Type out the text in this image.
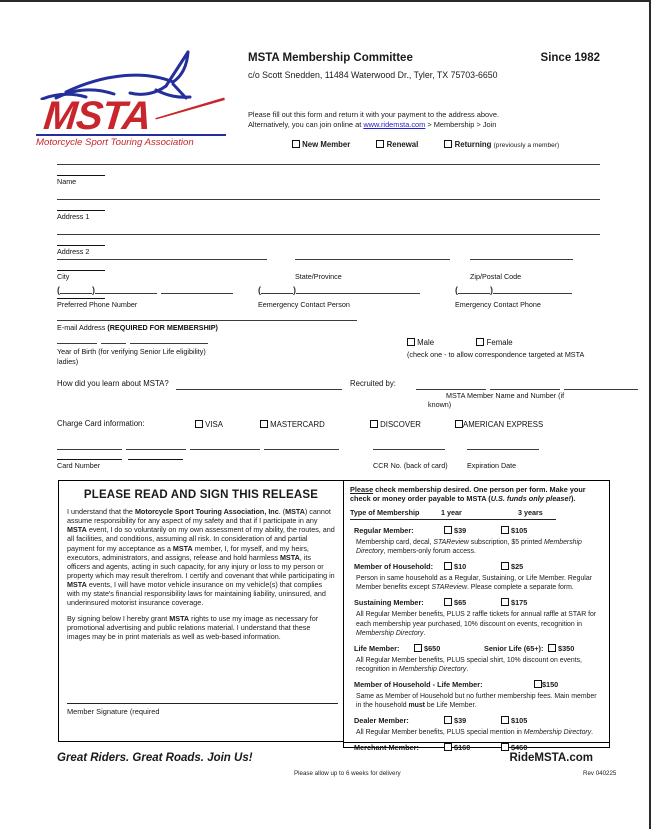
MSTA
Motorcycle Sport Touring Association
MSTA Membership Committee	Since 1982
c/o Scott Snedden, 11484 Waterwood Dr., Tyler, TX 75703-6650
Please fill out this form and return it with your payment to the address above.
Alternatively, you can join online at www.ridemsta.com > Membership > Join
New Member	Renewal	Returning (previously a member)
Name
Address 1
Address 2
City	State/Province	Zip/Postal Code
(	)	(	)	(	)
Preferred Phone Number	Eemergency Contact Person	Emergency Contact Phone
E-mail Address (REQUIRED FOR MEMBERSHIP)
Year of Birth (for verifying Senior Life eligibility)
ladies)
Male	Female
(check one - to allow correspondence targeted at MSTA
How did you learn about MSTA?	Recruited by:
MSTA Member Name and Number (if
known)
Charge Card information:	VISA	MASTERCARD	DISCOVER	AMERICAN EXPRESS
Card Number	CCR No. (back of card)	Expiration Date
PLEASE READ AND SIGN THIS RELEASE

I understand that the Motorcycle Sport Touring Association, Inc. (MSTA) cannot assume responsibility for any aspect of my safety and that if I participate in any MSTA event, I do so voluntarily on my own assessment of my ability, the routes, and all facilities, and conditions, assuming all risk. In consideration of and partial payment for my acceptance as a MSTA member, I, for myself, and my heirs, executors, administrators, and assigns, release and hold harmless MSTA, its officers and agents, acting in such capacity, for any injury or loss to my person or property which may result therefrom. I certify and covenant that while participating in MSTA events, I will have motor vehicle insurance on my vehicle(s) that complies with my state's financial responsibility laws for maintaining liability, uninsured, and underinsured motorist insurance coverage.

By signing below I hereby grant MSTA rights to use my image as necessary for promotional advertising and public relations material. I understand that these images may be in print materials as well as web-based information.

Member Signature (required
Please check membership desired. One person per form. Make your check or money order payable to MSTA (U.S. funds only please!).
Type of Membership	1 year	3 years
Regular Member:	$39	$105
Membership card, decal, STAReview subscription, $5 printed Membership Directory, members-only forum access.
Member of Household:	$10	$25
Person in same household as a Regular, Sustaining, or Life Member. Regular Member benefits except STAReview. Please complete a separate form.
Sustaining Member:	$65	$175
All Regular Member benefits, PLUS 2 raffle tickets for annual raffle at STAR for each membership year purchased, 10% discount on events, recognition in Membership Directory.
Life Member:	$650	Senior Life (65+):	$350
All Regular Member benefits, PLUS special shirt, 10% discount on events, recognition in Membership Directory.
Member of Household - Life Member:	$150
Same as Member of Household but no further membership fees. Main member in the household must be Life Member.
Dealer Member:	$39	$105
All Regular Member benefits, PLUS special mention in Membership Directory.
Merchant Member:	$160	$460
Great Riders. Great Roads. Join Us!	RideMSTA.com
Please allow up to 6 weeks for delivery	Rev 040225
